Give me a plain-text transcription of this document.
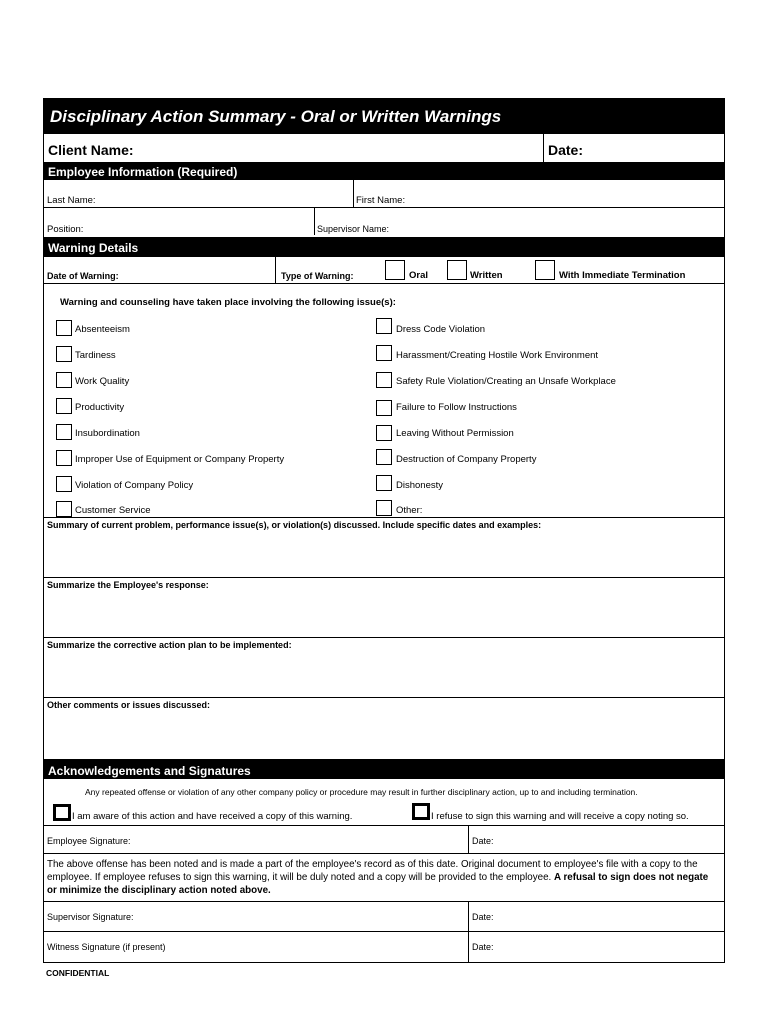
Disciplinary Action Summary - Oral or Written Warnings
Client Name:	Date:
Employee Information (Required)
Last Name:	First Name:
Position:	Supervisor Name:
Warning Details
Date of Warning:	Type of Warning:	Oral	Written	With Immediate Termination
Warning and counseling have taken place involving the following issue(s):
Absenteeism
Tardiness
Work Quality
Productivity
Insubordination
Improper Use of Equipment or Company Property
Violation of Company Policy
Customer Service
Dress Code Violation
Harassment/Creating Hostile Work Environment
Safety Rule Violation/Creating an Unsafe Workplace
Failure to Follow Instructions
Leaving Without Permission
Destruction of Company Property
Dishonesty
Other:
Summary of current problem, performance issue(s), or violation(s) discussed. Include specific dates and examples:
Summarize the Employee's response:
Summarize the corrective action plan to be implemented:
Other comments or issues discussed:
Acknowledgements and Signatures
Any repeated offense or violation of any other company policy or procedure may result in further disciplinary action, up to and including termination.
I am aware of this action and have received a copy of this warning.	I refuse to sign this warning and will receive a copy noting so.
Employee Signature:	Date:
The above offense has been noted and is made a part of the employee's record as of this date. Original document to employee's file with a copy to the employee. If employee refuses to sign this warning, it will be duly noted and a copy will be provided to the employee. A refusal to sign does not negate or minimize the disciplinary action noted above.
Supervisor Signature:	Date:
Witness Signature (if present)	Date:
CONFIDENTIAL
